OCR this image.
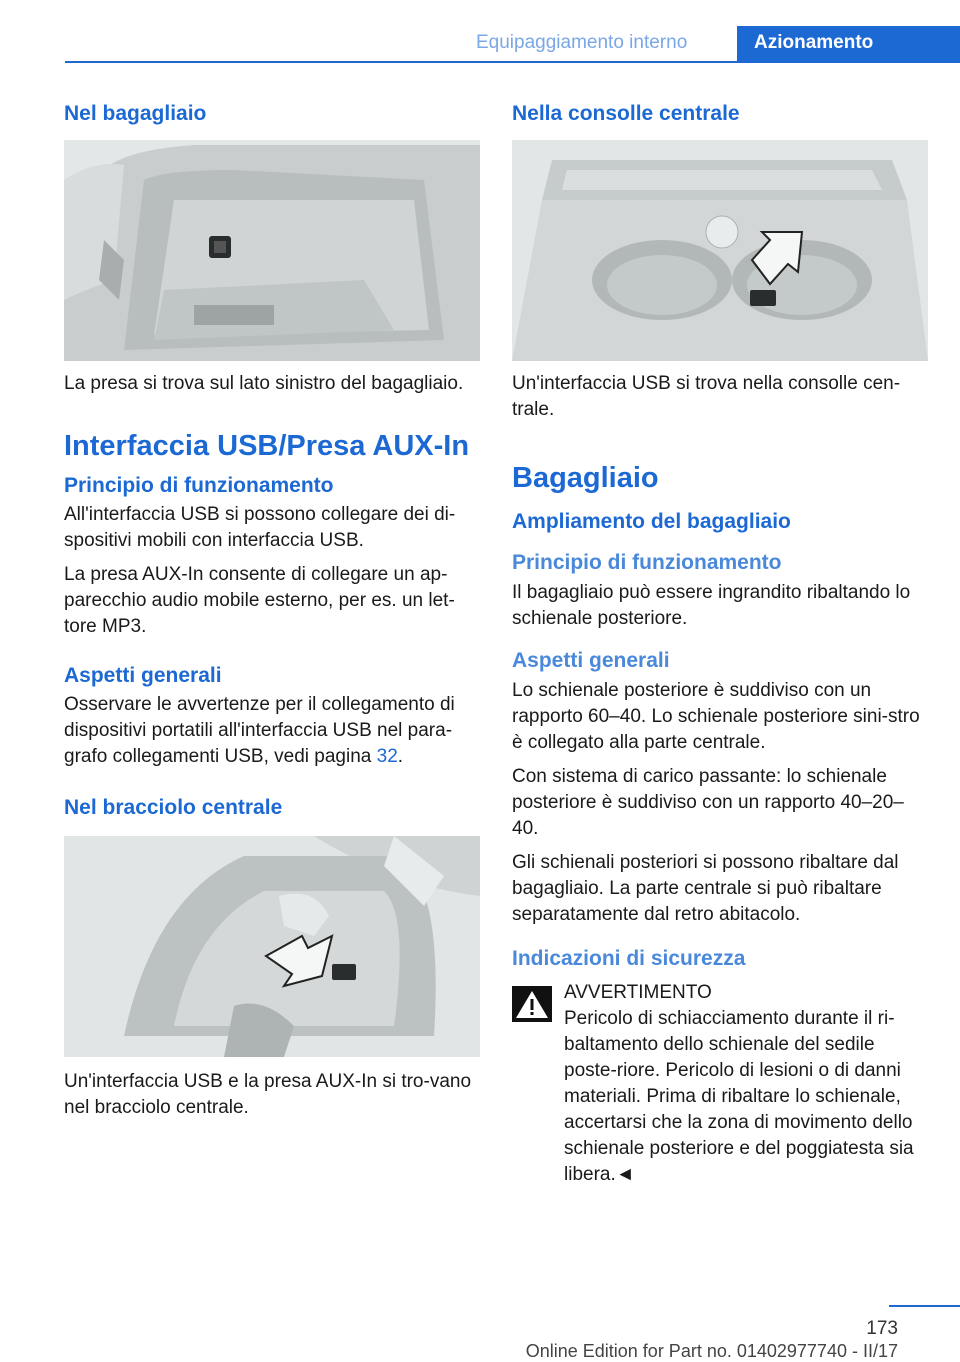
Equipaggiamento interno	Azionamento
Nel bagagliaio

La presa si trova sul lato sinistro del bagagliaio.

Interfaccia USB/Presa AUX-In
Principio di funzionamento

All'interfaccia USB si possono collegare dei di-spositivi mobili con interfaccia USB.

La presa AUX-In consente di collegare un ap-parecchio audio mobile esterno, per es. un let-tore MP3.

Aspetti generali

Osservare le avvertenze per il collegamento di dispositivi portatili all'interfaccia USB nel para-grafo collegamenti USB, vedi pagina 32.

Nel bracciolo centrale

Un'interfaccia USB e la presa AUX-In si tro-vano nel bracciolo centrale.

Nella consolle centrale

Un'interfaccia USB si trova nella consolle cen-trale.

Bagagliaio
Ampliamento del bagagliaio
Principio di funzionamento

Il bagagliaio può essere ingrandito ribaltando lo schienale posteriore.

Aspetti generali

Lo schienale posteriore è suddiviso con un rapporto 60–40. Lo schienale posteriore sini-stro è collegato alla parte centrale.

Con sistema di carico passante: lo schienale posteriore è suddiviso con un rapporto 40–20–40.

Gli schienali posteriori si possono ribaltare dal bagagliaio. La parte centrale si può ribaltare separatamente dal retro abitacolo.

Indicazioni di sicurezza
AVVERTIMENTO
Pericolo di schiacciamento durante il ri-baltamento dello schienale del sedile poste-riore. Pericolo di lesioni o di danni materiali. Prima di ribaltare lo schienale, accertarsi che la zona di movimento dello schienale posteriore e del poggiatesta sia libera.◄
173
Online Edition for Part no. 01402977740 - II/17
